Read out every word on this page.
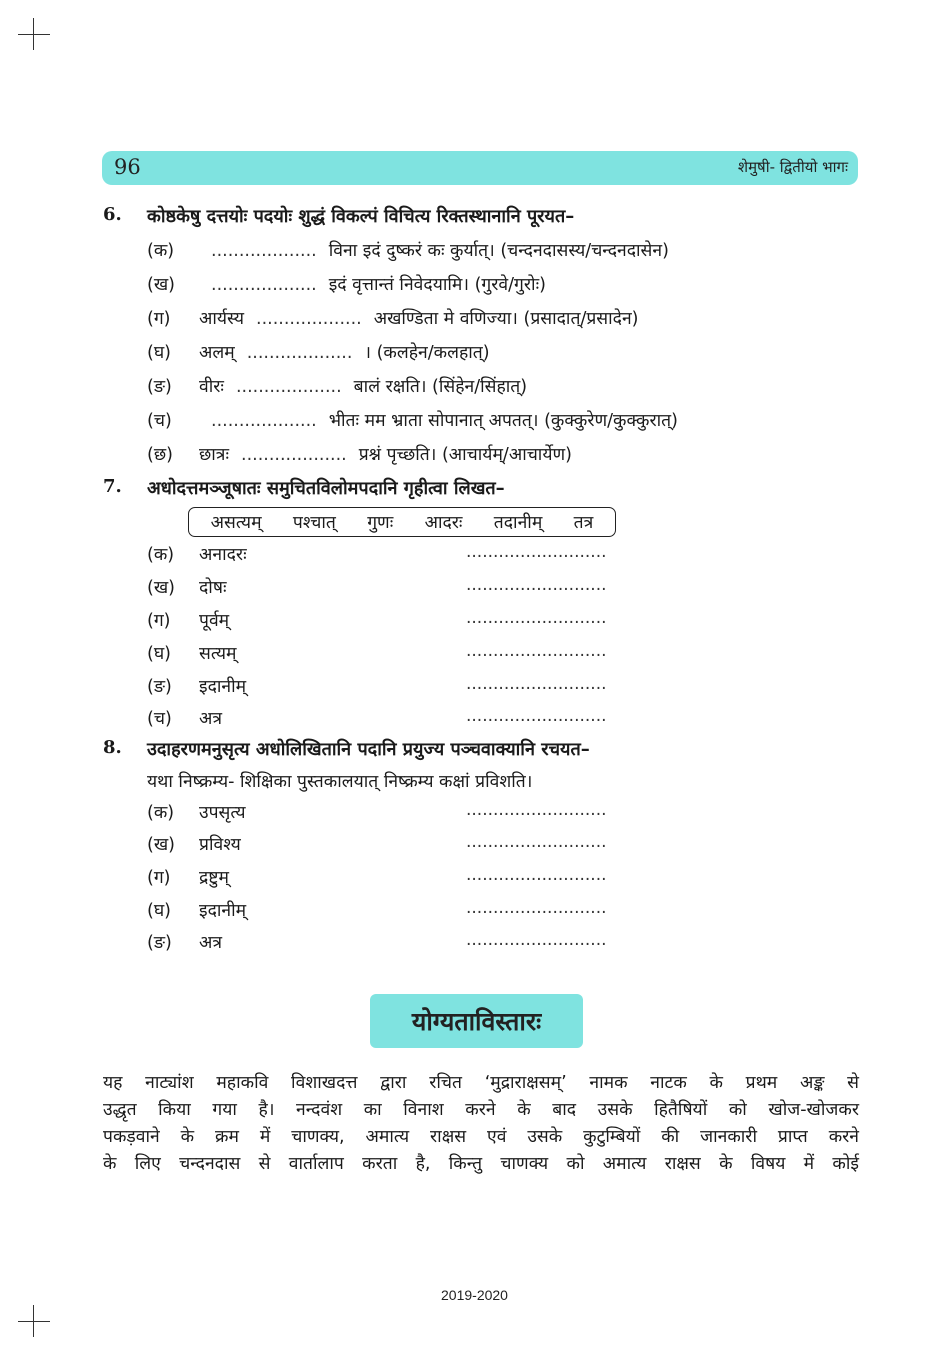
96	शेमुषी- द्वितीयो भागः
6. कोष्ठकेषु दत्तयोः पदयोः शुद्धं विकल्पं विचित्य रिक्तस्थानानि पूरयत–
(क) ................... विना इदं दुष्करं कः कुर्यात्। (चन्दनदासस्य/चन्दनदासेन)
(ख) ................... इदं वृत्तान्तं निवेदयामि। (गुरवे/गुरोः)
(ग) आर्यस्य ................... अखण्डिता मे वणिज्या। (प्रसादात्/प्रसादेन)
(घ) अलम् ................... । (कलहेन/कलहात्)
(ङ) वीरः ................... बालं रक्षति। (सिंहेन/सिंहात्)
(च) ................... भीतः मम भ्राता सोपानात् अपतत्। (कुक्कुरेण/कुक्कुरात्)
(छ) छात्रः ................... प्रश्नं पृच्छति। (आचार्यम्/आचार्येण)
7. अधोदत्तमञ्जूषातः समुचितविलोमपदानि गृहीत्वा लिखत–
असत्यम् पश्चात् गुणः आदरः तदानीम् तत्र
(क) अनादरः	..........................
(ख) दोषः	..........................
(ग) पूर्वम्	..........................
(घ) सत्यम्	..........................
(ङ) इदानीम्	..........................
(च) अत्र	..........................
8. उदाहरणमनुसृत्य अधोलिखितानि पदानि प्रयुज्य पञ्चवाक्यानि रचयत–
यथा निष्क्रम्य- शिक्षिका पुस्तकालयात् निष्क्रम्य कक्षां प्रविशति।
(क) उपसृत्य	..........................
(ख) प्रविश्य	..........................
(ग) द्रष्टुम्	..........................
(घ) इदानीम्	..........................
(ङ) अत्र	..........................
योग्यताविस्तारः
यह नाट्यांश महाकवि विशाखदत्त द्वारा रचित ‘मुद्राराक्षसम्’ नामक नाटक के प्रथम अङ्क से
उद्धृत किया गया है। नन्दवंश का विनाश करने के बाद उसके हितैषियों को खोज-खोजकर
पकड़वाने के क्रम में चाणक्य, अमात्य राक्षस एवं उसके कुटुम्बियों की जानकारी प्राप्त करने
के लिए चन्दनदास से वार्तालाप करता है, किन्तु चाणक्य को अमात्य राक्षस के विषय में कोई
2019-2020
